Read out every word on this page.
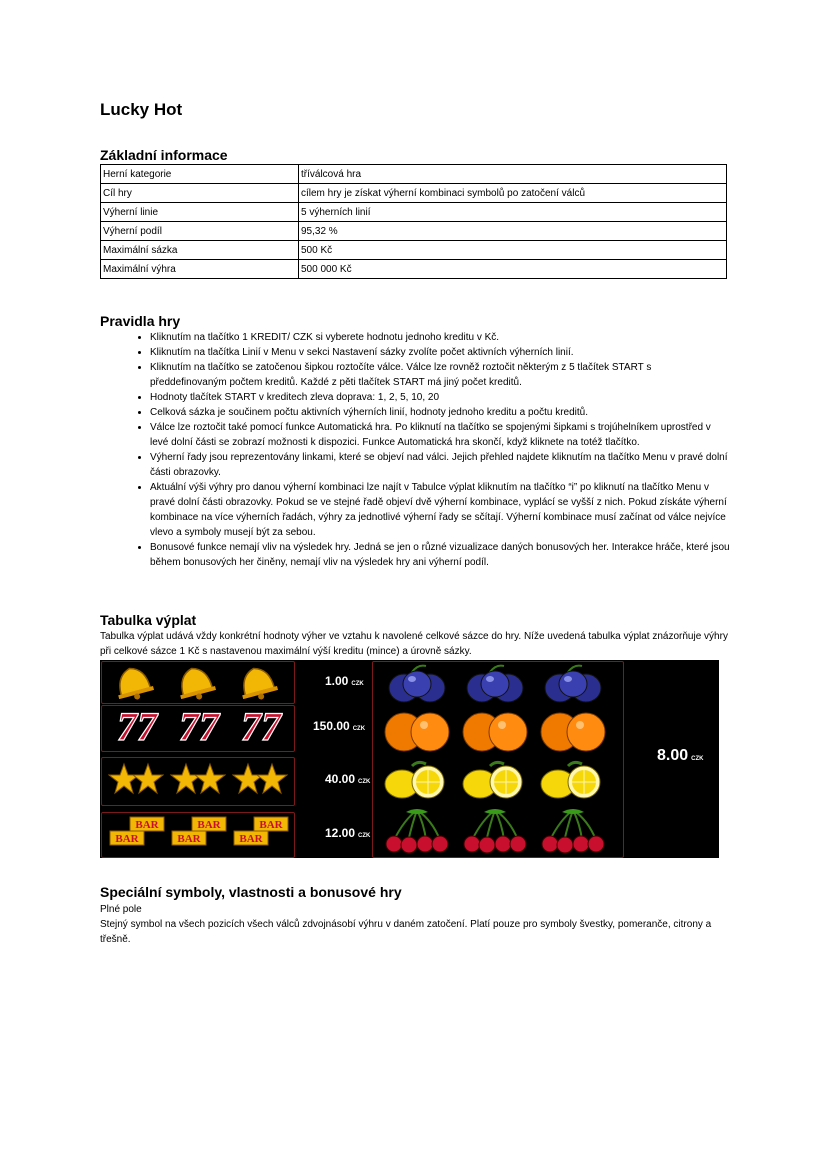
Lucky Hot
Základní informace
Herní kategorie	tříválcová hra
Cíl hry	cílem hry je získat výherní kombinaci symbolů po zatočení válců
Výherní linie	5 výherních linií
Výherní podíl	95,32 %
Maximální sázka	500 Kč
Maximální výhra	500 000 Kč
Pravidla hry
• Kliknutím na tlačítko 1 KREDIT/ CZK si vyberete hodnotu jednoho kreditu v Kč.
• Kliknutím na tlačítka Linií v Menu v sekci Nastavení sázky zvolíte počet aktivních výherních linií.
• Kliknutím na tlačítko se zatočenou šipkou roztočíte válce. Válce lze rovněž roztočit některým z 5 tlačítek START s předdefinovaným počtem kreditů. Každé z pěti tlačítek START má jiný počet kreditů.
• Hodnoty tlačítek START v kreditech zleva doprava: 1, 2, 5, 10, 20
• Celková sázka je součinem počtu aktivních výherních linií, hodnoty jednoho kreditu a počtu kreditů.
• Válce lze roztočit také pomocí funkce Automatická hra. Po kliknutí na tlačítko se spojenými šipkami s trojúhelníkem uprostřed v levé dolní části se zobrazí možnosti k dispozici. Funkce Automatická hra skončí, když kliknete na totéž tlačítko.
• Výherní řady jsou reprezentovány linkami, které se objeví nad válci. Jejich přehled najdete kliknutím na tlačítko Menu v pravé dolní části obrazovky.
• Aktuální výši výhry pro danou výherní kombinaci lze najít v Tabulce výplat kliknutím na tlačítko “i” po kliknutí na tlačítko Menu v pravé dolní části obrazovky. Pokud se ve stejné řadě objeví dvě výherní kombinace, vyplácí se vyšší z nich. Pokud získáte výherní kombinace na více výherních řadách, výhry za jednotlivé výherní řady se sčítají. Výherní kombinace musí začínat od válce nejvíce vlevo a symboly musejí být za sebou.
• Bonusové funkce nemají vliv na výsledek hry. Jedná se jen o různé vizualizace daných bonusových her. Interakce hráče, které jsou během bonusových her činěny, nemají vliv na výsledek hry ani výherní podíl.
Tabulka výplat

Tabulka výplat udává vždy konkrétní hodnoty výher ve vztahu k navolené celkové sázce do hry. Níže uvedená tabulka výplat znázorňuje výhry při celkové sázce 1 Kč s nastavenou maximální výší kreditu (mince) a úrovně sázky.

77 77 77
BAR
BAR
BAR
BAR
BAR
BAR
1.00 CZK
150.00 CZK
40.00 CZK
12.00 CZK
8.00 CZK
Speciální symboly, vlastnosti a bonusové hry

Plné pole

Stejný symbol na všech pozicích všech válců zdvojnásobí výhru v daném zatočení. Platí pouze pro symboly švestky, pomeranče, citrony a třešně.
